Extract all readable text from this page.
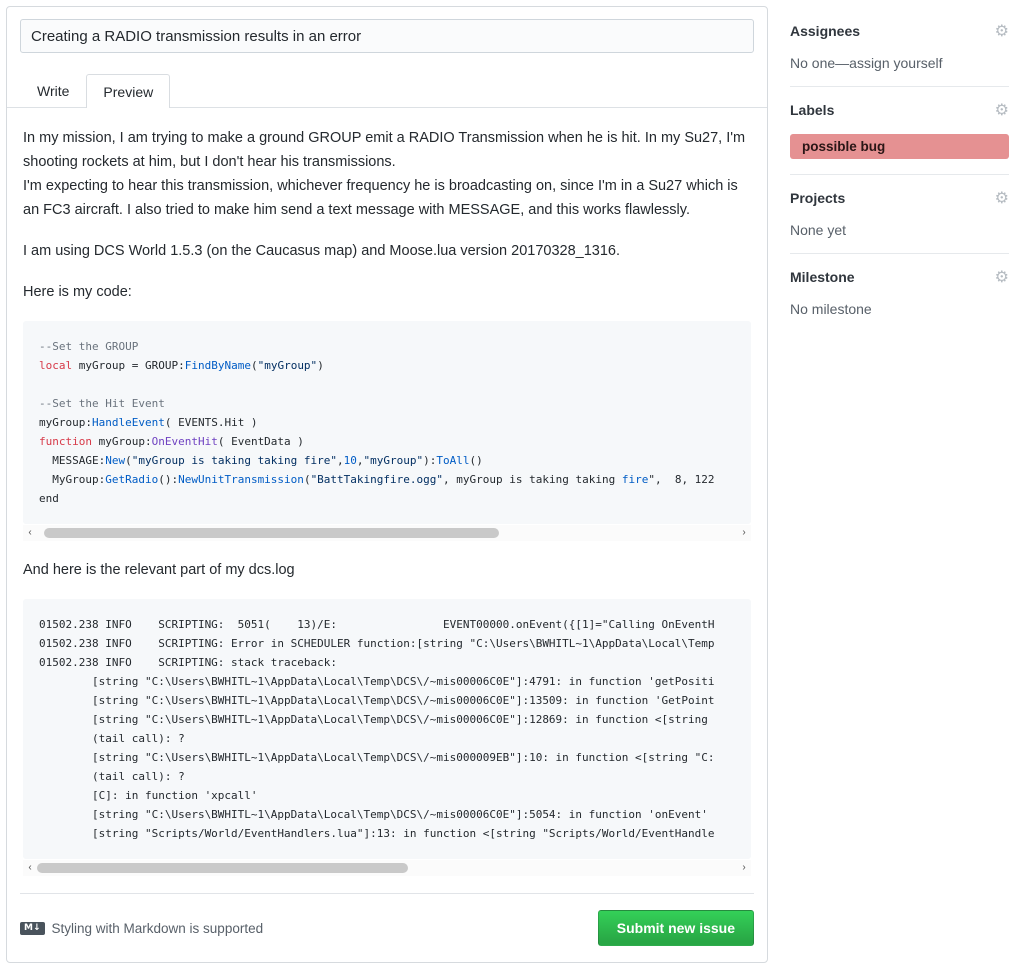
Creating a RADIO transmission results in an error
Write	Preview

In my mission, I am trying to make a ground GROUP emit a RADIO Transmission when he is hit. In my Su27, I'm shooting rockets at him, but I don't hear his transmissions.
I'm expecting to hear this transmission, whichever frequency he is broadcasting on, since I'm in a Su27 which is an FC3 aircraft. I also tried to make him send a text message with MESSAGE, and this works flawlessly.

I am using DCS World 1.5.3 (on the Caucasus map) and Moose.lua version 20170328_1316.

Here is my code:

--Set the GROUP
local myGroup = GROUP:FindByName("myGroup")

--Set the Hit Event
myGroup:HandleEvent( EVENTS.Hit )
function myGroup:OnEventHit( EventData )
MESSAGE:New("myGroup is taking taking fire",10,"myGroup"):ToAll()
MyGroup:GetRadio():NewUnitTransmission("BattTakingfire.ogg", myGroup is taking taking fire",  8, 122
end
‹	›

And here is the relevant part of my dcs.log

01502.238 INFO    SCRIPTING:  5051(    13)/E:                EVENT00000.onEvent({[1]="Calling OnEventH
01502.238 INFO    SCRIPTING: Error in SCHEDULER function:[string "C:\Users\BWHITL~1\AppData\Local\Temp
01502.238 INFO    SCRIPTING: stack traceback:
[string "C:\Users\BWHITL~1\AppData\Local\Temp\DCS\/~mis00006C0E"]:4791: in function 'getPositi
[string "C:\Users\BWHITL~1\AppData\Local\Temp\DCS\/~mis00006C0E"]:13509: in function 'GetPoint
[string "C:\Users\BWHITL~1\AppData\Local\Temp\DCS\/~mis00006C0E"]:12869: in function <[string
(tail call): ?
[string "C:\Users\BWHITL~1\AppData\Local\Temp\DCS\/~mis000009EB"]:10: in function <[string "C:
(tail call): ?
[C]: in function 'xpcall'
[string "C:\Users\BWHITL~1\AppData\Local\Temp\DCS\/~mis00006C0E"]:5054: in function 'onEvent'
[string "Scripts/World/EventHandlers.lua"]:13: in function <[string "Scripts/World/EventHandle
‹	›
M↓ Styling with Markdown is supported	Submit new issue
Assignees	⚙
No one—assign yourself
Labels	⚙
possible bug
Projects	⚙
None yet
Milestone	⚙
No milestone
